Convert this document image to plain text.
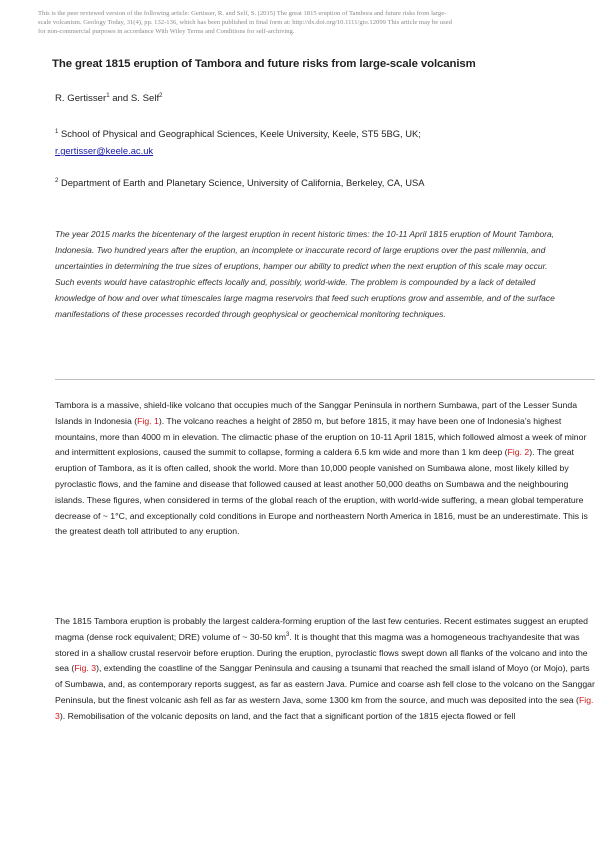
This is the peer reviewed version of the following article: Gertisser, R. and Self, S. (2015) The great 1815 eruption of Tambora and future risks from large-
scale volcanism. Geology Today, 31(4), pp. 132-136, which has been published in final form at: http://dx.doi.org/10.1111/gto.12099 This article may be used
for non-commercial purposes in accordance With Wiley Terms and Conditions for self-archiving.
The great 1815 eruption of Tambora and future risks from large-scale volcanism
R. Gertisser$^1$ and S. Self$^2$
$^1$ School of Physical and Geographical Sciences, Keele University, Keele, ST5 5BG, UK;
r.gertisser@keele.ac.uk
$^2$ Department of Earth and Planetary Science, University of California, Berkeley, CA, USA
The year 2015 marks the bicentenary of the largest eruption in recent historic times: the 10-11 April 1815 eruption of Mount Tambora, Indonesia. Two hundred years after the eruption, an incomplete or inaccurate record of large eruptions over the past millennia, and uncertainties in determining the true sizes of eruptions, hamper our ability to predict when the next eruption of this scale may occur. Such events would have catastrophic effects locally and, possibly, world-wide. The problem is compounded by a lack of detailed knowledge of how and over what timescales large magma reservoirs that feed such eruptions grow and assemble, and of the surface manifestations of these processes recorded through geophysical or geochemical monitoring techniques.
Tambora is a massive, shield-like volcano that occupies much of the Sanggar Peninsula in northern Sumbawa, part of the Lesser Sunda Islands in Indonesia (Fig. 1). The volcano reaches a height of 2850 m, but before 1815, it may have been one of Indonesia’s highest mountains, more than 4000 m in elevation. The climactic phase of the eruption on 10-11 April 1815, which followed almost a week of minor and intermittent explosions, caused the summit to collapse, forming a caldera 6.5 km wide and more than 1 km deep (Fig. 2). The great eruption of Tambora, as it is often called, shook the world. More than 10,000 people vanished on Sumbawa alone, most likely killed by pyroclastic flows, and the famine and disease that followed caused at least another 50,000 deaths on Sumbawa and the neighbouring islands. These figures, when considered in terms of the global reach of the eruption, with world-wide suffering, a mean global temperature decrease of ~ 1°C, and exceptionally cold conditions in Europe and northeastern North America in 1816, must be an underestimate. This is the greatest death toll attributed to any eruption.
The 1815 Tambora eruption is probably the largest caldera-forming eruption of the last few centuries. Recent estimates suggest an erupted magma (dense rock equivalent; DRE) volume of ~ 30-50 $km^3$. It is thought that this magma was a homogeneous trachyandesite that was stored in a shallow crustal reservoir before eruption. During the eruption, pyroclastic flows swept down all flanks of the volcano and into the sea (Fig. 3), extending the coastline of the Sanggar Peninsula and causing a tsunami that reached the small island of Moyo (or Mojo), parts of Sumbawa, and, as contemporary reports suggest, as far as eastern Java. Pumice and coarse ash fell close to the volcano on the Sanggar Peninsula, but the finest volcanic ash fell as far as western Java, some 1300 km from the source, and much was deposited into the sea (Fig. 3). Remobilisation of the volcanic deposits on land, and the fact that a significant portion of the 1815 ejecta flowed or fell
